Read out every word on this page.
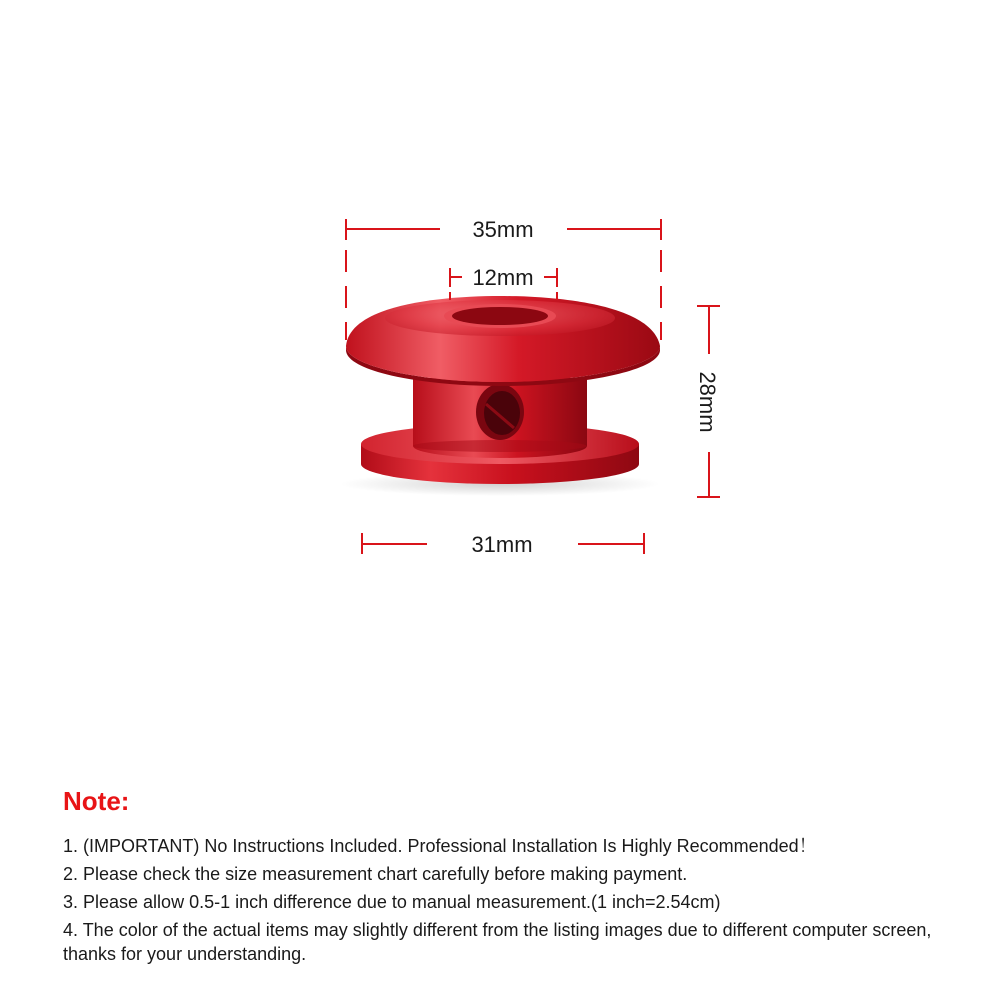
35mm
12mm
28mm
31mm
Note:
1. (IMPORTANT) No Instructions Included. Professional Installation Is Highly Recommended！
2. Please check the size measurement chart carefully before making payment.
3. Please allow 0.5-1 inch difference due to manual measurement.(1 inch=2.54cm)
4. The color of the actual items may slightly different from the listing images due to different computer screen, thanks for your understanding.
